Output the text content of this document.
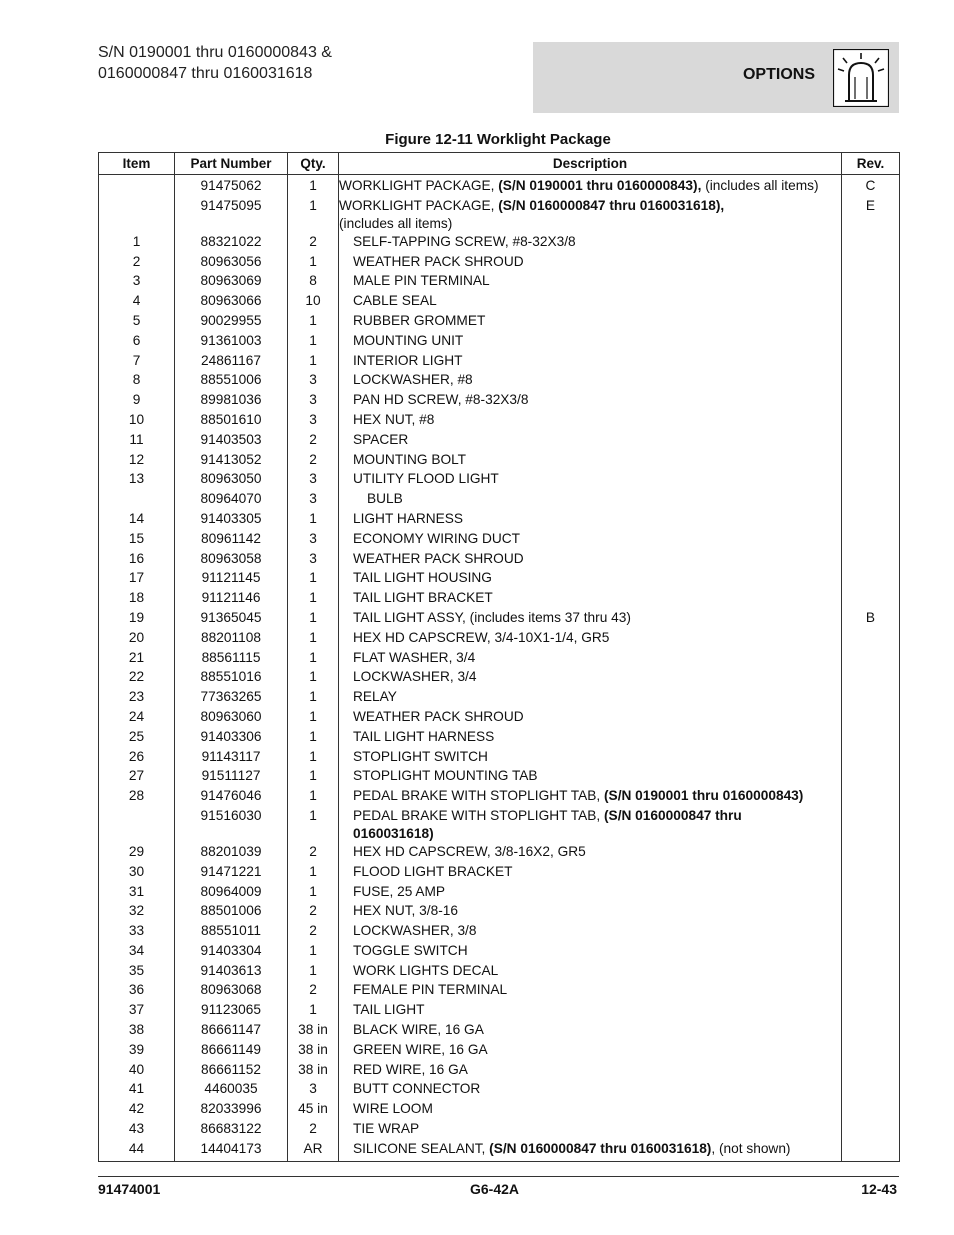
S/N 0190001 thru 0160000843 &
0160000847 thru 0160031618	OPTIONS
Figure 12-11 Worklight Package
Item	Part Number	Qty.	Description	Rev.
	91475062	1	WORKLIGHT PACKAGE, (S/N 0190001 thru 0160000843), (includes all items)	C
	91475095	1	WORKLIGHT PACKAGE, (S/N 0160000847 thru 0160031618),
(includes all items)	E
1	88321022	2	SELF-TAPPING SCREW, #8-32X3/8	

2	80963056	1	WEATHER PACK SHROUD	

3	80963069	8	MALE PIN TERMINAL	

4	80963066	10	CABLE SEAL	

5	90029955	1	RUBBER GROMMET	

6	91361003	1	MOUNTING UNIT	

7	24861167	1	INTERIOR LIGHT	

8	88551006	3	LOCKWASHER, #8	

9	89981036	3	PAN HD SCREW, #8-32X3/8	

10	88501610	3	HEX NUT, #8	

11	91403503	2	SPACER	

12	91413052	2	MOUNTING BOLT	

13	80963050	3	UTILITY FLOOD LIGHT	

	80964070	3	BULB	

14	91403305	1	LIGHT HARNESS	

15	80961142	3	ECONOMY WIRING DUCT	

16	80963058	3	WEATHER PACK SHROUD	

17	91121145	1	TAIL LIGHT HOUSING	

18	91121146	1	TAIL LIGHT BRACKET	

19	91365045	1	TAIL LIGHT ASSY, (includes items 37 thru 43)	B
20	88201108	1	HEX HD CAPSCREW, 3/4-10X1-1/4, GR5	

21	88561115	1	FLAT WASHER, 3/4	

22	88551016	1	LOCKWASHER, 3/4	

23	77363265	1	RELAY	

24	80963060	1	WEATHER PACK SHROUD	

25	91403306	1	TAIL LIGHT HARNESS	

26	91143117	1	STOPLIGHT SWITCH	

27	91511127	1	STOPLIGHT MOUNTING TAB	

28	91476046	1	PEDAL BRAKE WITH STOPLIGHT TAB, (S/N 0190001 thru 0160000843)	

	91516030	1	PEDAL BRAKE WITH STOPLIGHT TAB, (S/N 0160000847 thru
0160031618)	

29	88201039	2	HEX HD CAPSCREW, 3/8-16X2, GR5	

30	91471221	1	FLOOD LIGHT BRACKET	

31	80964009	1	FUSE, 25 AMP	

32	88501006	2	HEX NUT, 3/8-16	

33	88551011	2	LOCKWASHER, 3/8	

34	91403304	1	TOGGLE SWITCH	

35	91403613	1	WORK LIGHTS DECAL	

36	80963068	2	FEMALE PIN TERMINAL	

37	91123065	1	TAIL LIGHT	

38	86661147	38 in	BLACK WIRE, 16 GA	

39	86661149	38 in	GREEN WIRE, 16 GA	

40	86661152	38 in	RED WIRE, 16 GA	

41	4460035	3	BUTT CONNECTOR	

42	82033996	45 in	WIRE LOOM	

43	86683122	2	TIE WRAP	

44	14404173	AR	SILICONE SEALANT, (S/N 0160000847 thru 0160031618), (not shown)	

91474001	G6-42A	12-43
